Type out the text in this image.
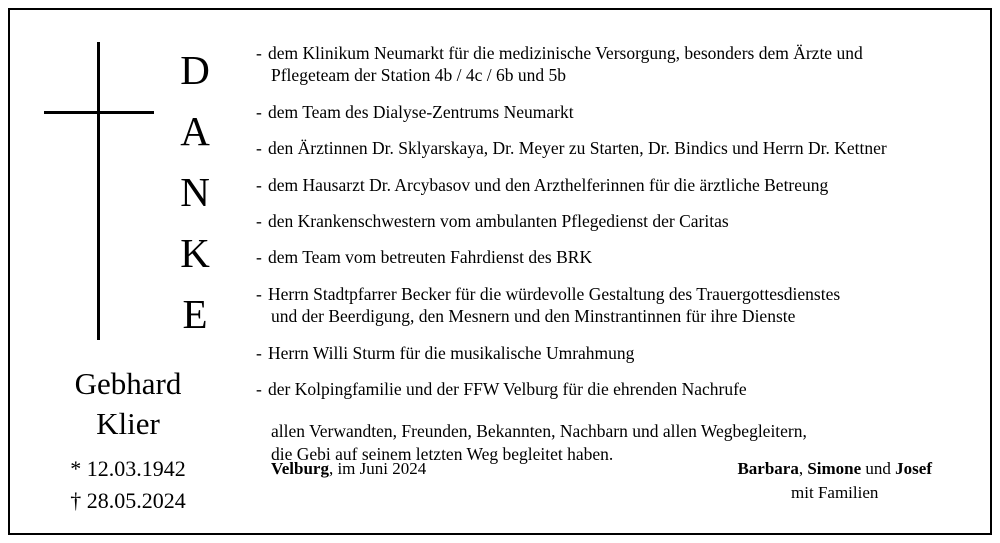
D
A
N
K
E
Gebhard
Klier
* 12.03.1942
† 28.05.2024
- dem Klinikum Neumarkt für die medizinische Versorgung, besonders dem Ärzte und
Pflegeteam der Station 4b / 4c / 6b und 5b
- dem Team des Dialyse-Zentrums Neumarkt
- den Ärztinnen Dr. Sklyarskaya, Dr. Meyer zu Starten, Dr. Bindics und Herrn Dr. Kettner
- dem Hausarzt Dr. Arcybasov und den Arzthelferinnen für die ärztliche Betreung
- den Krankenschwestern vom ambulanten Pflegedienst der Caritas
- dem Team vom betreuten Fahrdienst des BRK
- Herrn Stadtpfarrer Becker für die würdevolle Gestaltung des Trauergottesdienstes
und der Beerdigung, den Mesnern und den Minstrantinnen für ihre Dienste
- Herrn Willi Sturm für die musikalische Umrahmung
- der Kolpingfamilie und der FFW Velburg für die ehrenden Nachrufe
allen Verwandten, Freunden, Bekannten, Nachbarn und allen Wegbegleitern,
die Gebi auf seinem letzten Weg begleitet haben.
Velburg, im Juni 2024	Barbara, Simone und Josef
mit Familien
